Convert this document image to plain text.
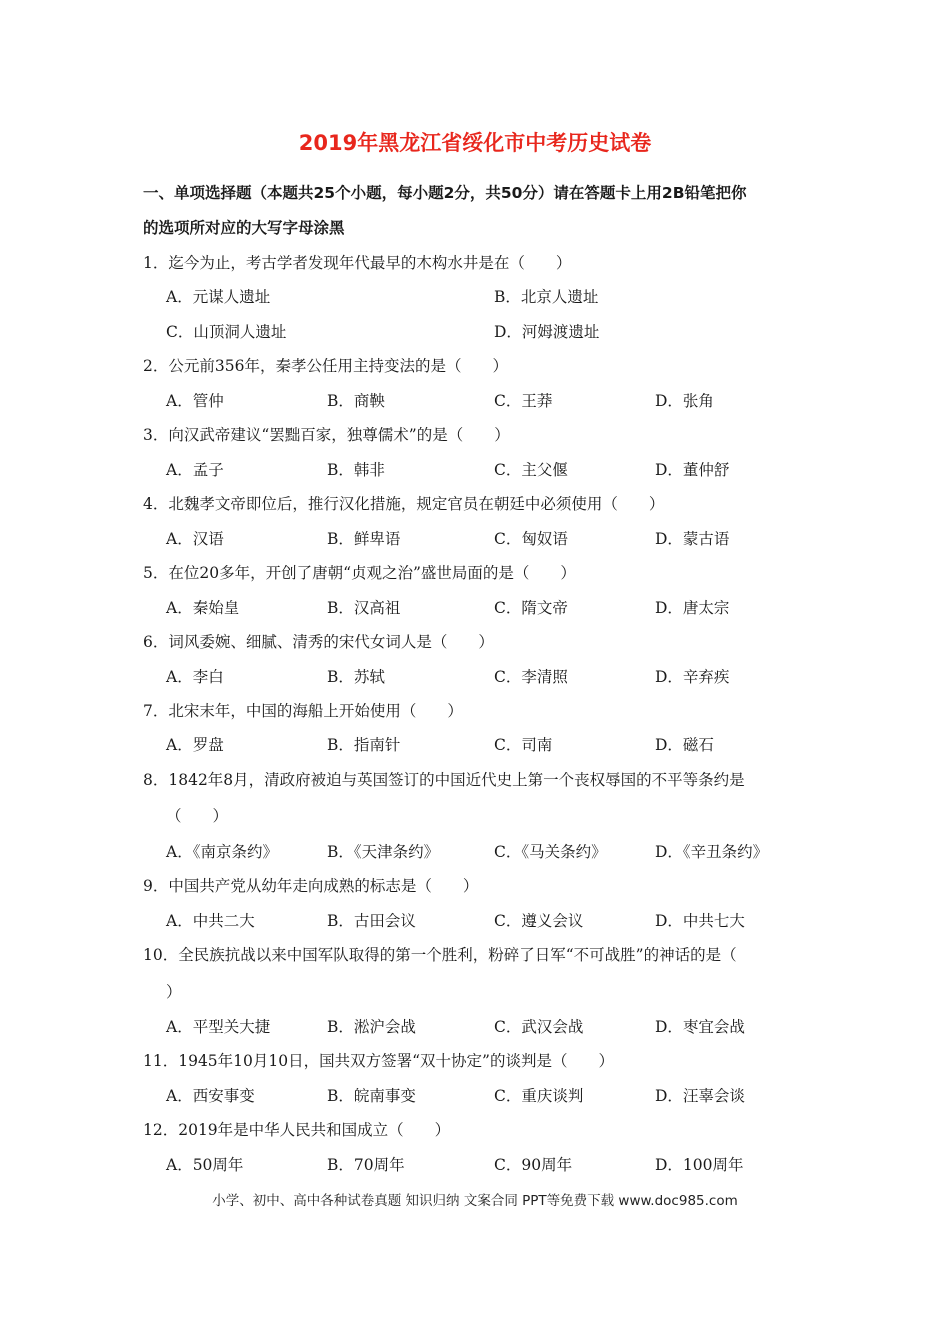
2019年黑龙江省绥化市中考历史试卷
一、单项选择题（本题共25个小题，每小题2分，共50分）请在答题卡上用2B铅笔把你
的选项所对应的大写字母涂黑
1．迄今为止，考古学者发现年代最早的木构水井是在（　　）
A．元谋人遗址	B．北京人遗址
C．山顶洞人遗址	D．河姆渡遗址
2．公元前356年，秦孝公任用主持变法的是（　　）
A．管仲	B．商鞅	C．王莽	D．张角
3．向汉武帝建议“罢黜百家，独尊儒术”的是（　　）
A．孟子	B．韩非	C．主父偃	D．董仲舒
4．北魏孝文帝即位后，推行汉化措施，规定官员在朝廷中必须使用（　　）
A．汉语	B．鲜卑语	C．匈奴语	D．蒙古语
5．在位20多年，开创了唐朝“贞观之治”盛世局面的是（　　）
A．秦始皇	B．汉高祖	C．隋文帝	D．唐太宗
6．词风委婉、细腻、清秀的宋代女词人是（　　）
A．李白	B．苏轼	C．李清照	D．辛弃疾
7．北宋末年，中国的海船上开始使用（　　）
A．罗盘	B．指南针	C．司南	D．磁石
8．1842年8月，清政府被迫与英国签订的中国近代史上第一个丧权辱国的不平等条约是
（　　）
A．《南京条约》	B．《天津条约》	C．《马关条约》	D．《辛丑条约》
9．中国共产党从幼年走向成熟的标志是（　　）
A．中共二大	B．古田会议	C．遵义会议	D．中共七大
10．全民族抗战以来中国军队取得的第一个胜利，粉碎了日军“不可战胜”的神话的是（
）
A．平型关大捷	B．淞沪会战	C．武汉会战	D．枣宜会战
11．1945年10月10日，国共双方签署“双十协定”的谈判是（　　）
A．西安事变	B．皖南事变	C．重庆谈判	D．汪辜会谈
12．2019年是中华人民共和国成立（　　）
A．50周年	B．70周年	C．90周年	D．100周年
小学、初中、高中各种试卷真题 知识归纳 文案合同 PPT等免费下载 www.doc985.com
